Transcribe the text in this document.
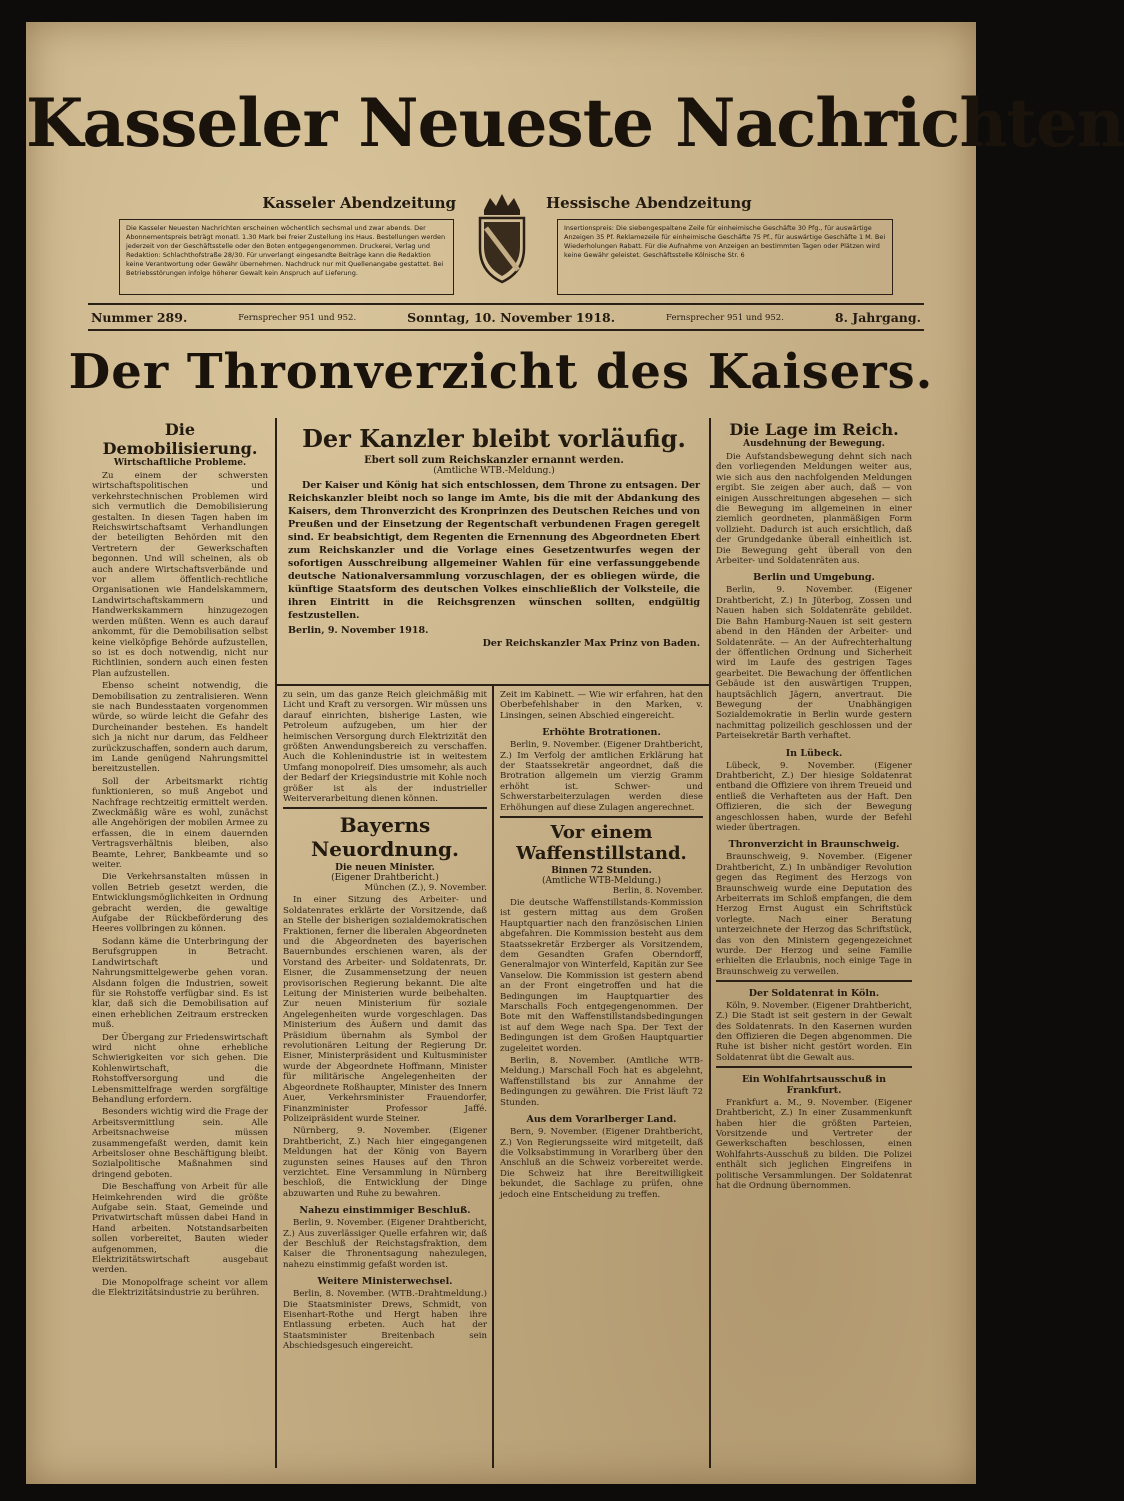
Kasseler Neueste Nachrichten
Kasseler Abendzeitung	Hessische Abendzeitung
Die Kasseler Neuesten Nachrichten erscheinen wöchentlich sechsmal und zwar abends. Der Abonnementspreis beträgt monatl. 1.30 Mark bei freier Zustellung ins Haus. Bestellungen werden jederzeit von der Geschäftsstelle oder den Boten entgegengenommen. Druckerei, Verlag und Redaktion: Schlachthofstraße 28/30. Für unverlangt eingesandte Beiträge kann die Redaktion keine Verantwortung oder Gewähr übernehmen. Nachdruck nur mit Quellenangabe gestattet. Bei Betriebsstörungen infolge höherer Gewalt kein Anspruch auf Lieferung.
Insertionspreis: Die siebengespaltene Zeile für einheimische Geschäfte 30 Pfg., für auswärtige Anzeigen 35 Pf. Reklamezeile für einheimische Geschäfte 75 Pf., für auswärtige Geschäfte 1 M. Bei Wiederholungen Rabatt. Für die Aufnahme von Anzeigen an bestimmten Tagen oder Plätzen wird keine Gewähr geleistet. Geschäftsstelle Kölnische Str. 6
Nummer 289.	Fernsprecher 951 und 952.	Sonntag, 10. November 1918.	Fernsprecher 951 und 952.	8. Jahrgang.
Der Thronverzicht des Kaisers.
Die Demobilisierung.
Wirtschaftliche Probleme.

Zu einem der schwersten wirtschaftspolitischen und verkehrstechnischen Problemen wird sich vermutlich die Demobilisierung gestalten. In diesen Tagen haben im Reichswirtschaftsamt Verhandlungen der beteiligten Behörden mit den Vertretern der Gewerkschaften begonnen. Und will scheinen, als ob auch andere Wirtschaftsverbände und vor allem öffentlich-rechtliche Organisationen wie Handelskammern, Landwirtschaftskammern und Handwerkskammern hinzugezogen werden müßten. Wenn es auch darauf ankommt, für die Demobilisation selbst keine vielköpfige Behörde aufzustellen, so ist es doch notwendig, nicht nur Richtlinien, sondern auch einen festen Plan aufzustellen.

Ebenso scheint notwendig, die Demobilisation zu zentralisieren. Wenn sie nach Bundesstaaten vorgenommen würde, so würde leicht die Gefahr des Durcheinander bestehen. Es handelt sich ja nicht nur darum, das Feldheer zurückzuschaffen, sondern auch darum, im Lande genügend Nahrungsmittel bereitzustellen.

Soll der Arbeitsmarkt richtig funktionieren, so muß Angebot und Nachfrage rechtzeitig ermittelt werden. Zweckmäßig wäre es wohl, zunächst alle Angehörigen der mobilen Armee zu erfassen, die in einem dauernden Vertragsverhältnis bleiben, also Beamte, Lehrer, Bankbeamte und so weiter.

Die Verkehrsanstalten müssen in vollen Betrieb gesetzt werden, die Entwicklungsmöglichkeiten in Ordnung gebracht werden, die gewaltige Aufgabe der Rückbeförderung des Heeres vollbringen zu können.

Sodann käme die Unterbringung der Berufsgruppen in Betracht. Landwirtschaft und Nahrungsmittelgewerbe gehen voran. Alsdann folgen die Industrien, soweit für sie Rohstoffe verfügbar sind. Es ist klar, daß sich die Demobilisation auf einen erheblichen Zeitraum erstrecken muß.

Der Übergang zur Friedenswirtschaft wird nicht ohne erhebliche Schwierigkeiten vor sich gehen. Die Kohlenwirtschaft, die Rohstoffversorgung und die Lebensmittelfrage werden sorgfältige Behandlung erfordern.

Besonders wichtig wird die Frage der Arbeitsvermittlung sein. Alle Arbeitsnachweise müssen zusammengefaßt werden, damit kein Arbeitsloser ohne Beschäftigung bleibt. Sozialpolitische Maßnahmen sind dringend geboten.

Die Beschaffung von Arbeit für alle Heimkehrenden wird die größte Aufgabe sein. Staat, Gemeinde und Privatwirtschaft müssen dabei Hand in Hand arbeiten. Notstandsarbeiten sollen vorbereitet, Bauten wieder aufgenommen, die Elektrizitätswirtschaft ausgebaut werden.

Die Monopolfrage scheint vor allem die Elektrizitätsindustrie zu berühren.

Der Kanzler bleibt vorläufig.
Ebert soll zum Reichskanzler ernannt werden.
(Amtliche WTB.-Meldung.)

Der Kaiser und König hat sich entschlossen, dem Throne zu entsagen. Der Reichskanzler bleibt noch so lange im Amte, bis die mit der Abdankung des Kaisers, dem Thronverzicht des Kronprinzen des Deutschen Reiches und von Preußen und der Einsetzung der Regentschaft verbundenen Fragen geregelt sind. Er beabsichtigt, dem Regenten die Ernennung des Abgeordneten Ebert zum Reichskanzler und die Vorlage eines Gesetzentwurfes wegen der sofortigen Ausschreibung allgemeiner Wahlen für eine verfassunggebende deutsche Nationalversammlung vorzuschlagen, der es obliegen würde, die künftige Staatsform des deutschen Volkes einschließlich der Volksteile, die ihren Eintritt in die Reichsgrenzen wünschen sollten, endgültig festzustellen.

Berlin, 9. November 1918.

Der Reichskanzler Max Prinz von Baden.

zu sein, um das ganze Reich gleichmäßig mit Licht und Kraft zu versorgen. Wir müssen uns darauf einrichten, bisherige Lasten, wie Petroleum aufzugeben, um hier der heimischen Versorgung durch Elektrizität den größten Anwendungsbereich zu verschaffen. Auch die Kohlenindustrie ist in weitestem Umfang monopolreif. Dies umsomehr, als auch der Bedarf der Kriegsindustrie mit Kohle noch größer ist als der industrieller Weiterverarbeitung dienen können.

Bayerns Neuordnung.
Die neuen Minister.
(Eigener Drahtbericht.)

München (Z.), 9. November.

In einer Sitzung des Arbeiter- und Soldatenrates erklärte der Vorsitzende, daß an Stelle der bisherigen sozialdemokratischen Fraktionen, ferner die liberalen Abgeordneten und die Abgeordneten des bayerischen Bauernbundes erschienen waren, als der Vorstand des Arbeiter- und Soldatenrats, Dr. Eisner, die Zusammensetzung der neuen provisorischen Regierung bekannt. Die alte Leitung der Ministerien wurde beibehalten. Zur neuen Ministerium für soziale Angelegenheiten wurde vorgeschlagen. Das Ministerium des Äußern und damit das Präsidium übernahm als Symbol der revolutionären Leitung der Regierung Dr. Eisner, Ministerpräsident und Kultusminister wurde der Abgeordnete Hoffmann, Minister für militärische Angelegenheiten der Abgeordnete Roßhaupter, Minister des Innern Auer, Verkehrsminister Frauendorfer, Finanzminister Professor Jaffé. Polizeipräsident wurde Steiner.

Nürnberg, 9. November. (Eigener Drahtbericht, Z.) Nach hier eingegangenen Meldungen hat der König von Bayern zugunsten seines Hauses auf den Thron verzichtet. Eine Versammlung in Nürnberg beschloß, die Entwicklung der Dinge abzuwarten und Ruhe zu bewahren.

Nahezu einstimmiger Beschluß.

Berlin, 9. November. (Eigener Drahtbericht, Z.) Aus zuverlässiger Quelle erfahren wir, daß der Beschluß der Reichstagsfraktion, dem Kaiser die Thronentsagung nahezulegen, nahezu einstimmig gefaßt worden ist.

Weitere Ministerwechsel.

Berlin, 8. November. (WTB.-Drahtmeldung.) Die Staatsminister Drews, Schmidt, von Eisenhart-Rothe und Hergt haben ihre Entlassung erbeten. Auch hat der Staatsminister Breitenbach sein Abschiedsgesuch eingereicht.

Zeit im Kabinett. — Wie wir erfahren, hat den Oberbefehlshaber in den Marken, v. Linsingen, seinen Abschied eingereicht.

Erhöhte Brotrationen.

Berlin, 9. November. (Eigener Drahtbericht, Z.) Im Verfolg der amtlichen Erklärung hat der Staatssekretär angeordnet, daß die Brotration allgemein um vierzig Gramm erhöht ist. Schwer- und Schwerstarbeiterzulagen werden diese Erhöhungen auf diese Zulagen angerechnet.

Vor einem Waffenstillstand.
Binnen 72 Stunden.
(Amtliche WTB-Meldung.)

Berlin, 8. November.

Die deutsche Waffenstillstands-Kommission ist gestern mittag aus dem Großen Hauptquartier nach den französischen Linien abgefahren. Die Kommission besteht aus dem Staatssekretär Erzberger als Vorsitzendem, dem Gesandten Grafen Oberndorff, Generalmajor von Winterfeld, Kapitän zur See Vanselow. Die Kommission ist gestern abend an der Front eingetroffen und hat die Bedingungen im Hauptquartier des Marschalls Foch entgegengenommen. Der Bote mit den Waffenstillstandsbedingungen ist auf dem Wege nach Spa. Der Text der Bedingungen ist dem Großen Hauptquartier zugeleitet worden.

Berlin, 8. November. (Amtliche WTB-Meldung.) Marschall Foch hat es abgelehnt, Waffenstillstand bis zur Annahme der Bedingungen zu gewähren. Die Frist läuft 72 Stunden.

Aus dem Vorarlberger Land.

Bern, 9. November. (Eigener Drahtbericht, Z.) Von Regierungsseite wird mitgeteilt, daß die Volksabstimmung in Vorarlberg über den Anschluß an die Schweiz vorbereitet werde. Die Schweiz hat ihre Bereitwilligkeit bekundet, die Sachlage zu prüfen, ohne jedoch eine Entscheidung zu treffen.

Die Lage im Reich.
Ausdehnung der Bewegung.

Die Aufstandsbewegung dehnt sich nach den vorliegenden Meldungen weiter aus, wie sich aus den nachfolgenden Meldungen ergibt. Sie zeigen aber auch, daß — von einigen Ausschreitungen abgesehen — sich die Bewegung im allgemeinen in einer ziemlich geordneten, planmäßigen Form vollzieht. Dadurch ist auch ersichtlich, daß der Grundgedanke überall einheitlich ist. Die Bewegung geht überall von den Arbeiter- und Soldatenräten aus.

Berlin und Umgebung.

Berlin, 9. November. (Eigener Drahtbericht, Z.) In Jüterbog, Zossen und Nauen haben sich Soldatenräte gebildet. Die Bahn Hamburg-Nauen ist seit gestern abend in den Händen der Arbeiter- und Soldatenräte. — An der Aufrechterhaltung der öffentlichen Ordnung und Sicherheit wird im Laufe des gestrigen Tages gearbeitet. Die Bewachung der öffentlichen Gebäude ist den auswärtigen Truppen, hauptsächlich Jägern, anvertraut. Die Bewegung der Unabhängigen Sozialdemokratie in Berlin wurde gestern nachmittag polizeilich geschlossen und der Parteisekretär Barth verhaftet.

In Lübeck.

Lübeck, 9. November. (Eigener Drahtbericht, Z.) Der hiesige Soldatenrat entband die Offiziere von ihrem Treueid und entließ die Verhafteten aus der Haft. Den Offizieren, die sich der Bewegung angeschlossen haben, wurde der Befehl wieder übertragen.

Thronverzicht in Braunschweig.

Braunschweig, 9. November. (Eigener Drahtbericht, Z.) In unbändiger Revolution gegen das Regiment des Herzogs von Braunschweig wurde eine Deputation des Arbeiterrats im Schloß empfangen, die dem Herzog Ernst August ein Schriftstück vorlegte. Nach einer Beratung unterzeichnete der Herzog das Schriftstück, das von den Ministern gegengezeichnet wurde. Der Herzog und seine Familie erhielten die Erlaubnis, noch einige Tage in Braunschweig zu verweilen.

Der Soldatenrat in Köln.

Köln, 9. November. (Eigener Drahtbericht, Z.) Die Stadt ist seit gestern in der Gewalt des Soldatenrats. In den Kasernen wurden den Offizieren die Degen abgenommen. Die Ruhe ist bisher nicht gestört worden. Ein Soldatenrat übt die Gewalt aus.

Ein Wohlfahrtsausschuß in Frankfurt.

Frankfurt a. M., 9. November. (Eigener Drahtbericht, Z.) In einer Zusammenkunft haben hier die größten Parteien, Vorsitzende und Vertreter der Gewerkschaften beschlossen, einen Wohlfahrts-Ausschuß zu bilden. Die Polizei enthält sich jeglichen Eingreifens in politische Versammlungen. Der Soldatenrat hat die Ordnung übernommen.
